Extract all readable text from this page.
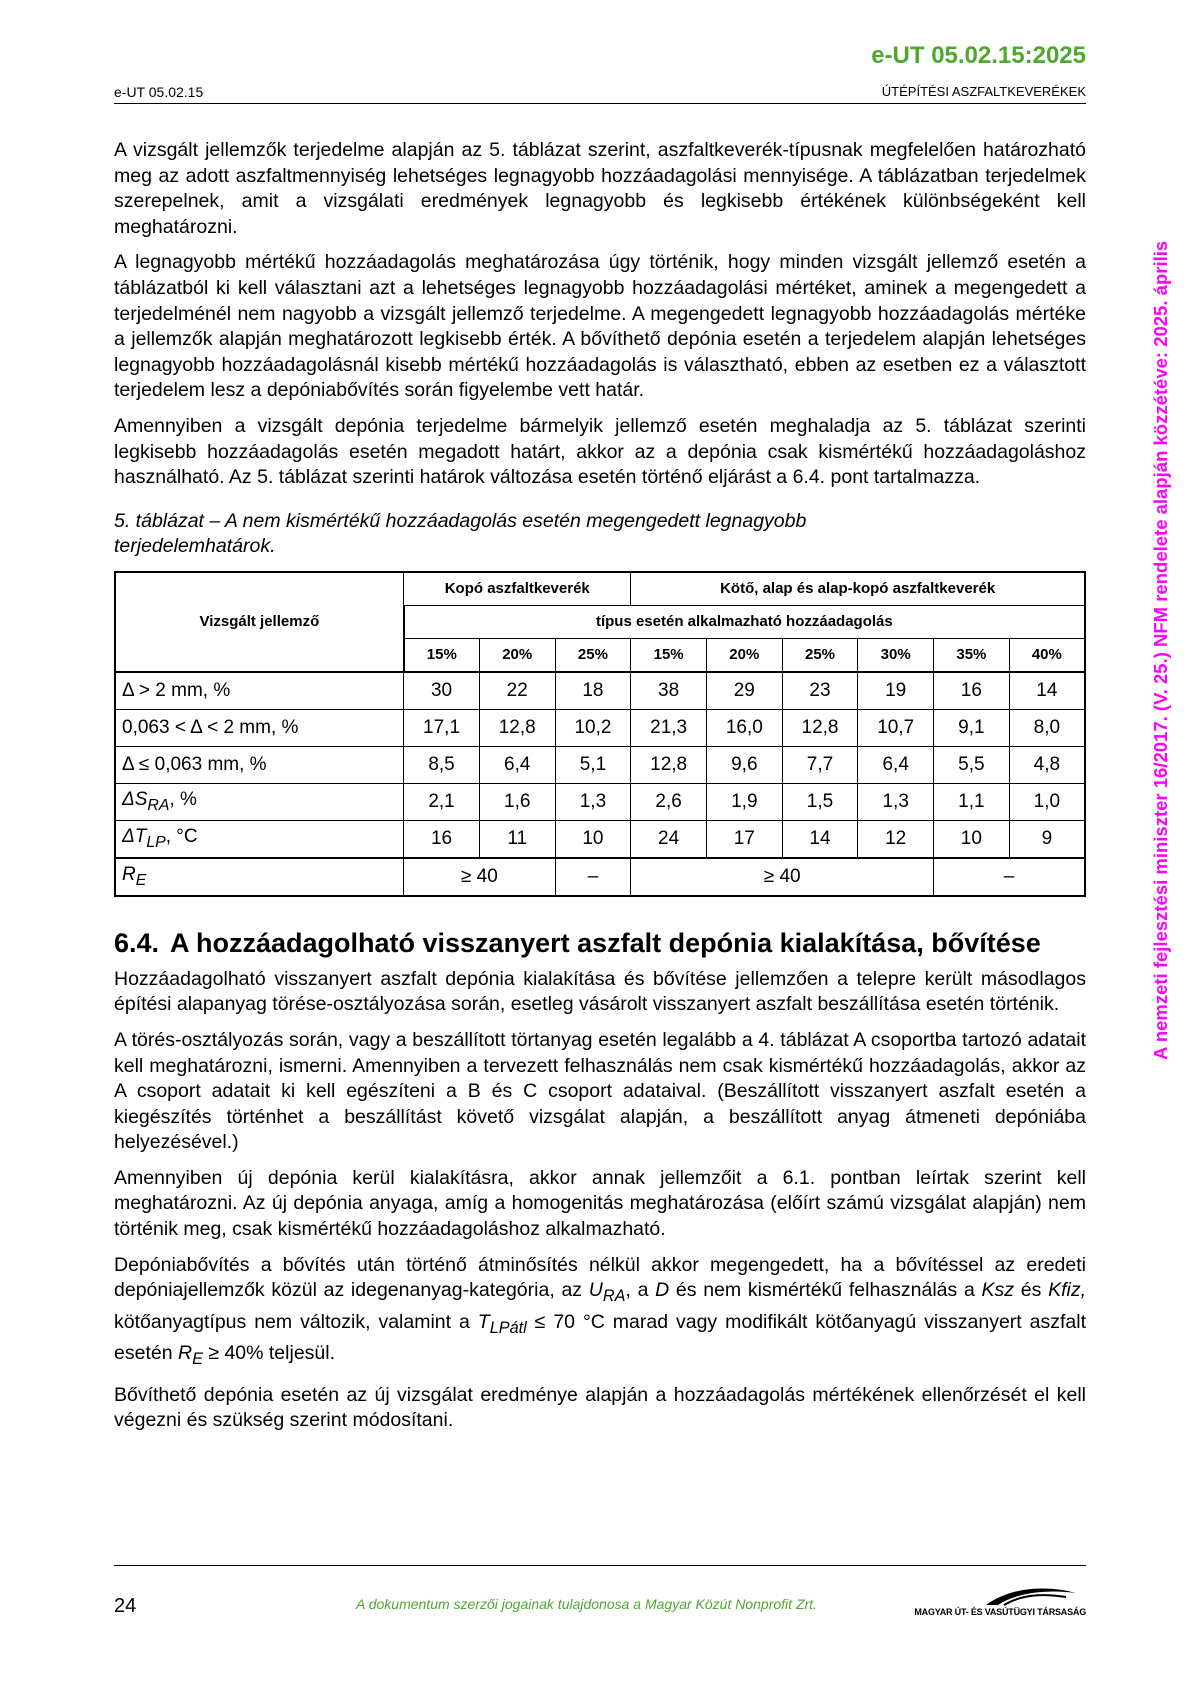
e-UT 05.02.15:2025
e-UT 05.02.15	ÚTÉPÍTÉSI ASZFALTKEVERÉKEK
A nemzeti fejlesztési miniszter 16/2017. (V. 25.) NFM rendelete alapján közzétéve: 2025. április

A vizsgált jellemzők terjedelme alapján az 5. táblázat szerint, aszfaltkeverék-típusnak megfelelően határozható meg az adott aszfaltmennyiség lehetséges legnagyobb hozzáadagolási mennyisége. A táblázatban terjedelmek szerepelnek, amit a vizsgálati eredmények legnagyobb és legkisebb értékének különbségeként kell meghatározni.

A legnagyobb mértékű hozzáadagolás meghatározása úgy történik, hogy minden vizsgált jellemző esetén a táblázatból ki kell választani azt a lehetséges legnagyobb hozzáadagolási mértéket, aminek a megengedett a terjedelménél nem nagyobb a vizsgált jellemző terjedelme. A megengedett legnagyobb hozzáadagolás mértéke a jellemzők alapján meghatározott legkisebb érték. A bővíthető depónia esetén a terjedelem alapján lehetséges legnagyobb hozzáadagolásnál kisebb mértékű hozzáadagolás is választható, ebben az esetben ez a választott terjedelem lesz a depóniabővítés során figyelembe vett határ.

Amennyiben a vizsgált depónia terjedelme bármelyik jellemző esetén meghaladja az 5. táblázat szerinti legkisebb hozzáadagolás esetén megadott határt, akkor az a depónia csak kismértékű hozzáadagoláshoz használható. Az 5. táblázat szerinti határok változása esetén történő eljárást a 6.4. pont tartalmazza.

5. táblázat – A nem kismértékű hozzáadagolás esetén megengedett legnagyobb terjedelemhatárok.
Vizsgált jellemző	Kopó aszfaltkeverék			Kötő, alap és alap-kopó aszfaltkeverék					
	típus esetén alkalmazható hozzáadagolás								
	15%	20%	25%	15%	20%	25%	30%	35%	40%
Δ > 2 mm, %	30	22	18	38	29	23	19	16	14
0,063 < Δ < 2 mm, %	17,1	12,8	10,2	21,3	16,0	12,8	10,7	9,1	8,0
Δ ≤ 0,063 mm, %	8,5	6,4	5,1	12,8	9,6	7,7	6,4	5,5	4,8
$\Delta S_{RA}$, %	2,1	1,6	1,3	2,6	1,9	1,5	1,3	1,1	1,0
$\Delta T_{LP}$, °C	16	11	10	24	17	14	12	10	9
$R_E$	≥ 40		–	≥ 40				–	
6.4. A hozzáadagolható visszanyert aszfalt depónia kialakítása, bővítése

Hozzáadagolható visszanyert aszfalt depónia kialakítása és bővítése jellemzően a telepre került másodlagos építési alapanyag törése-osztályozása során, esetleg vásárolt visszanyert aszfalt beszállítása esetén történik.

A törés-osztályozás során, vagy a beszállított törtanyag esetén legalább a 4. táblázat A csoportba tartozó adatait kell meghatározni, ismerni. Amennyiben a tervezett felhasználás nem csak kismértékű hozzáadagolás, akkor az A csoport adatait ki kell egészíteni a B és C csoport adataival. (Beszállított visszanyert aszfalt esetén a kiegészítés történhet a beszállítást követő vizsgálat alapján, a beszállított anyag átmeneti depóniába helyezésével.)

Amennyiben új depónia kerül kialakításra, akkor annak jellemzőit a 6.1. pontban leírtak szerint kell meghatározni. Az új depónia anyaga, amíg a homogenitás meghatározása (előírt számú vizsgálat alapján) nem történik meg, csak kismértékű hozzáadagoláshoz alkalmazható.

Depóniabővítés a bővítés után történő átminősítés nélkül akkor megengedett, ha a bővítéssel az eredeti depóniajellemzők közül az idegenanyag-kategória, az $U_{RA}$, a D és nem kismértékű felhasználás a Ksz és Kfiz, kötőanyagtípus nem változik, valamint a $T_{LPátl} \le 70$ °C marad vagy modifikált kötőanyagú visszanyert aszfalt esetén $R_E \ge 40\%$ teljesül.

Bővíthető depónia esetén az új vizsgálat eredménye alapján a hozzáadagolás mértékének ellenőrzését el kell végezni és szükség szerint módosítani.

24	A dokumentum szerzői jogainak tulajdonosa a Magyar Közút Nonprofit Zrt.	MAGYAR ÚT- ÉS VASÚTÜGYI TÁRSASÁG
